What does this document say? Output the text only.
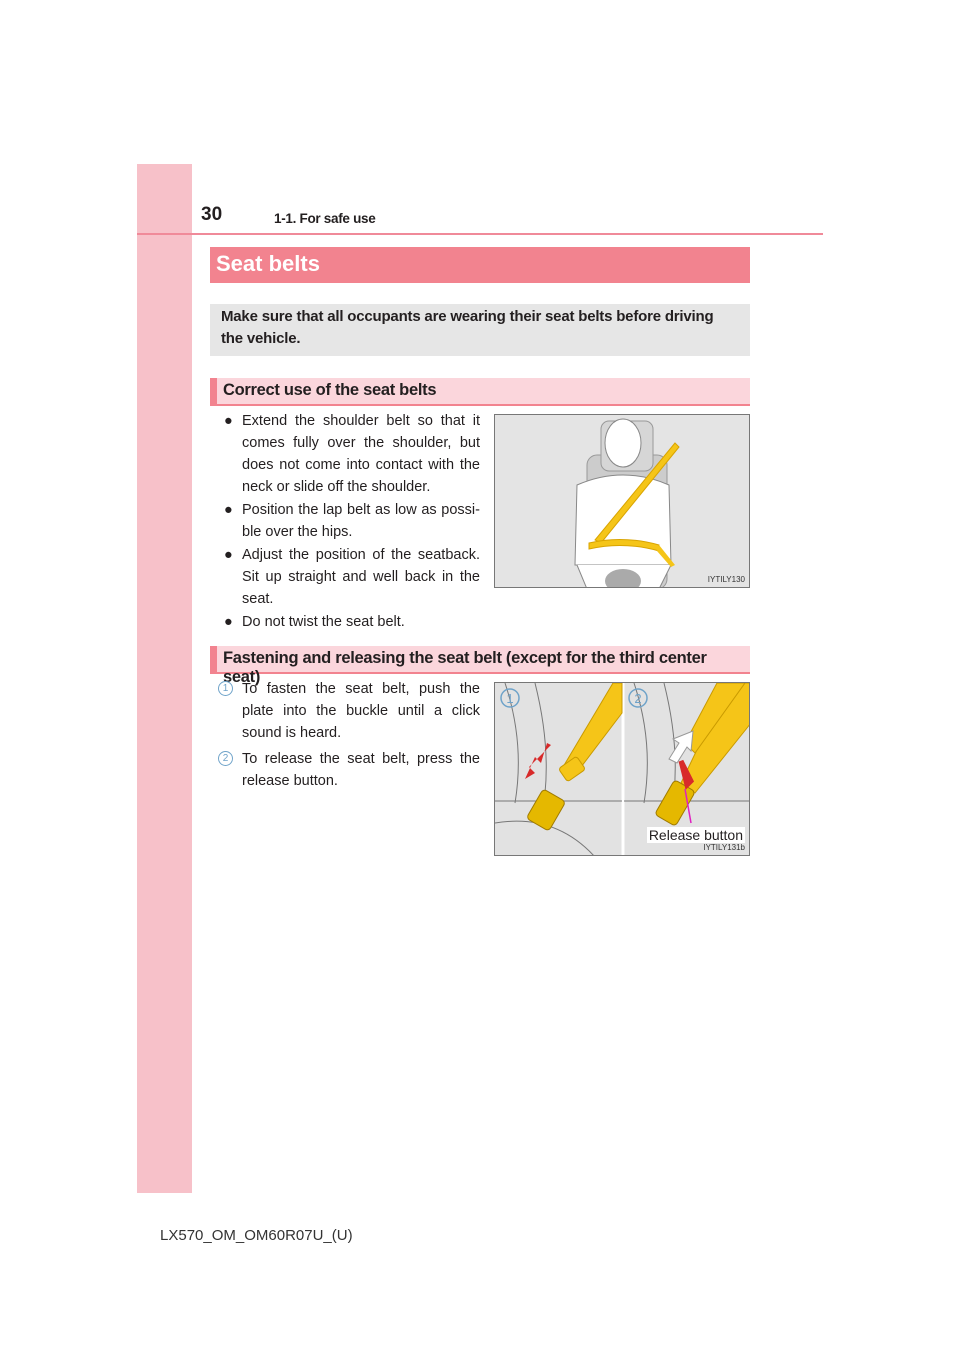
30	1-1. For safe use
Seat belts
Make sure that all occupants are wearing their seat belts before driving the vehicle.
Correct use of the seat belts
● Extend the shoulder belt so that it comes fully over the shoulder, but does not come into contact with the neck or slide off the shoulder.
● Position the lap belt as low as possi-ble over the hips.
● Adjust the position of the seatback. Sit up straight and well back in the seat.
● Do not twist the seat belt.
IYTILY130
Fastening and releasing the seat belt (except for the third center seat)
1 To fasten the seat belt, push the plate into the buckle until a click sound is heard.
2 To release the seat belt, press the release button.
1	2
Release button
IYTILY131b
LX570_OM_OM60R07U_(U)
